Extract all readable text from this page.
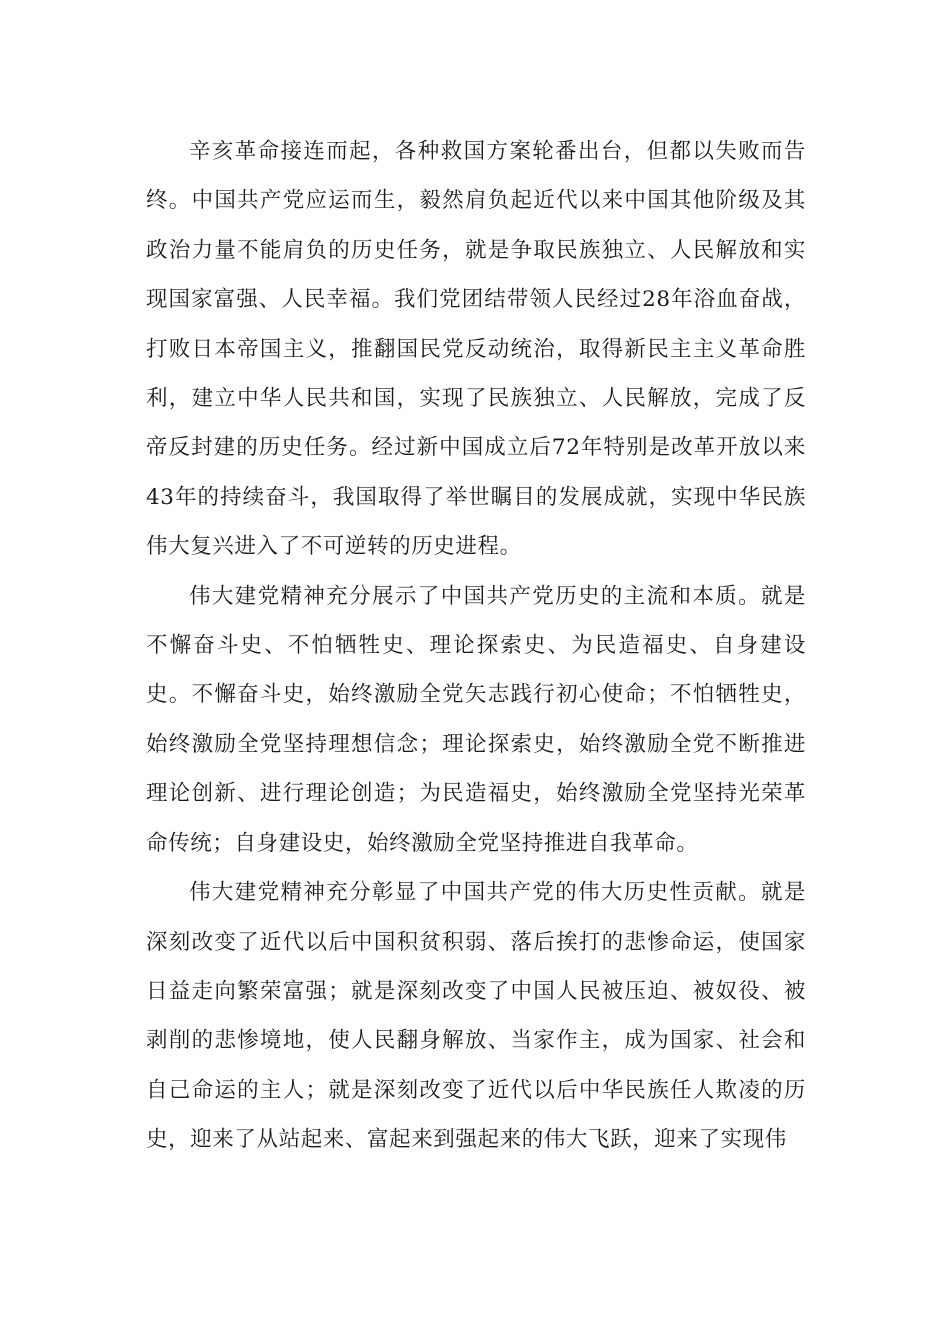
辛亥革命接连而起，各种救国方案轮番出台，但都以失败而告终。中国共产党应运而生，毅然肩负起近代以来中国其他阶级及其政治力量不能肩负的历史任务，就是争取民族独立、人民解放和实现国家富强、人民幸福。我们党团结带领人民经过28年浴血奋战，打败日本帝国主义，推翻国民党反动统治，取得新民主主义革命胜利，建立中华人民共和国，实现了民族独立、人民解放，完成了反帝反封建的历史任务。经过新中国成立后72年特别是改革开放以来43年的持续奋斗，我国取得了举世瞩目的发展成就，实现中华民族伟大复兴进入了不可逆转的历史进程。

伟大建党精神充分展示了中国共产党历史的主流和本质。就是不懈奋斗史、不怕牺牲史、理论探索史、为民造福史、自身建设史。不懈奋斗史，始终激励全党矢志践行初心使命；不怕牺牲史，始终激励全党坚持理想信念；理论探索史，始终激励全党不断推进理论创新、进行理论创造；为民造福史，始终激励全党坚持光荣革命传统；自身建设史，始终激励全党坚持推进自我革命。

伟大建党精神充分彰显了中国共产党的伟大历史性贡献。就是深刻改变了近代以后中国积贫积弱、落后挨打的悲惨命运，使国家日益走向繁荣富强；就是深刻改变了中国人民被压迫、被奴役、被剥削的悲惨境地，使人民翻身解放、当家作主，成为国家、社会和自己命运的主人；就是深刻改变了近代以后中华民族任人欺凌的历史，迎来了从站起来、富起来到强起来的伟大飞跃，迎来了实现伟
